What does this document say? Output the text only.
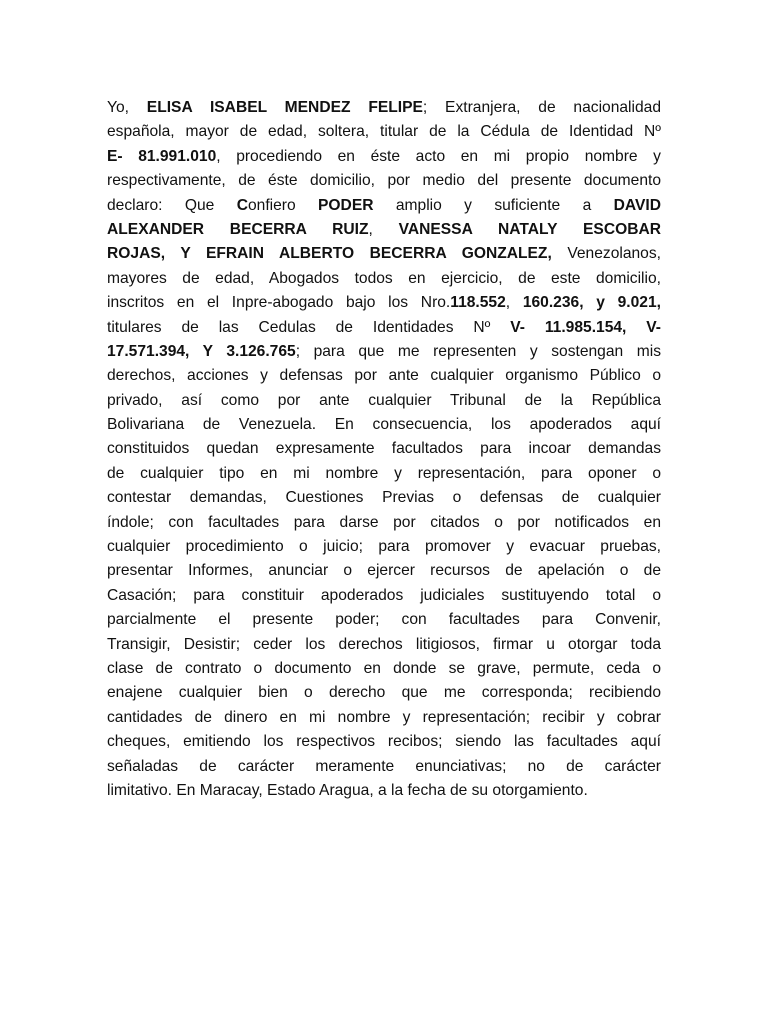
Yo, ELISA ISABEL MENDEZ FELIPE; Extranjera, de nacionalidad
española, mayor de edad, soltera, titular de la Cédula de Identidad Nº
E- 81.991.010, procediendo en éste acto en mi propio nombre y
respectivamente, de éste domicilio, por medio del presente documento
declaro: Que Confiero PODER amplio y suficiente a DAVID
ALEXANDER BECERRA RUIZ, VANESSA NATALY ESCOBAR
ROJAS, Y EFRAIN ALBERTO BECERRA GONZALEZ, Venezolanos,
mayores de edad, Abogados todos en ejercicio, de este domicilio,
inscritos en el Inpre-abogado bajo los Nro.118.552, 160.236, y 9.021,
titulares de las Cedulas de Identidades Nº V- 11.985.154, V-
17.571.394, Y 3.126.765; para que me representen y sostengan mis
derechos, acciones y defensas por ante cualquier organismo Público o
privado, así como por ante cualquier Tribunal de la República
Bolivariana de Venezuela. En consecuencia, los apoderados aquí
constituidos quedan expresamente facultados para incoar demandas
de cualquier tipo en mi nombre y representación, para oponer o
contestar demandas, Cuestiones Previas o defensas de cualquier
índole; con facultades para darse por citados o por notificados en
cualquier procedimiento o juicio; para promover y evacuar pruebas,
presentar Informes, anunciar o ejercer recursos de apelación o de
Casación; para constituir apoderados judiciales sustituyendo total o
parcialmente el presente poder; con facultades para Convenir,
Transigir, Desistir; ceder los derechos litigiosos, firmar u otorgar toda
clase de contrato o documento en donde se grave, permute, ceda o
enajene cualquier bien o derecho que me corresponda; recibiendo
cantidades de dinero en mi nombre y representación; recibir y cobrar
cheques, emitiendo los respectivos recibos; siendo las facultades aquí
señaladas de carácter meramente enunciativas; no de carácter
limitativo. En Maracay, Estado Aragua, a la fecha de su otorgamiento.
